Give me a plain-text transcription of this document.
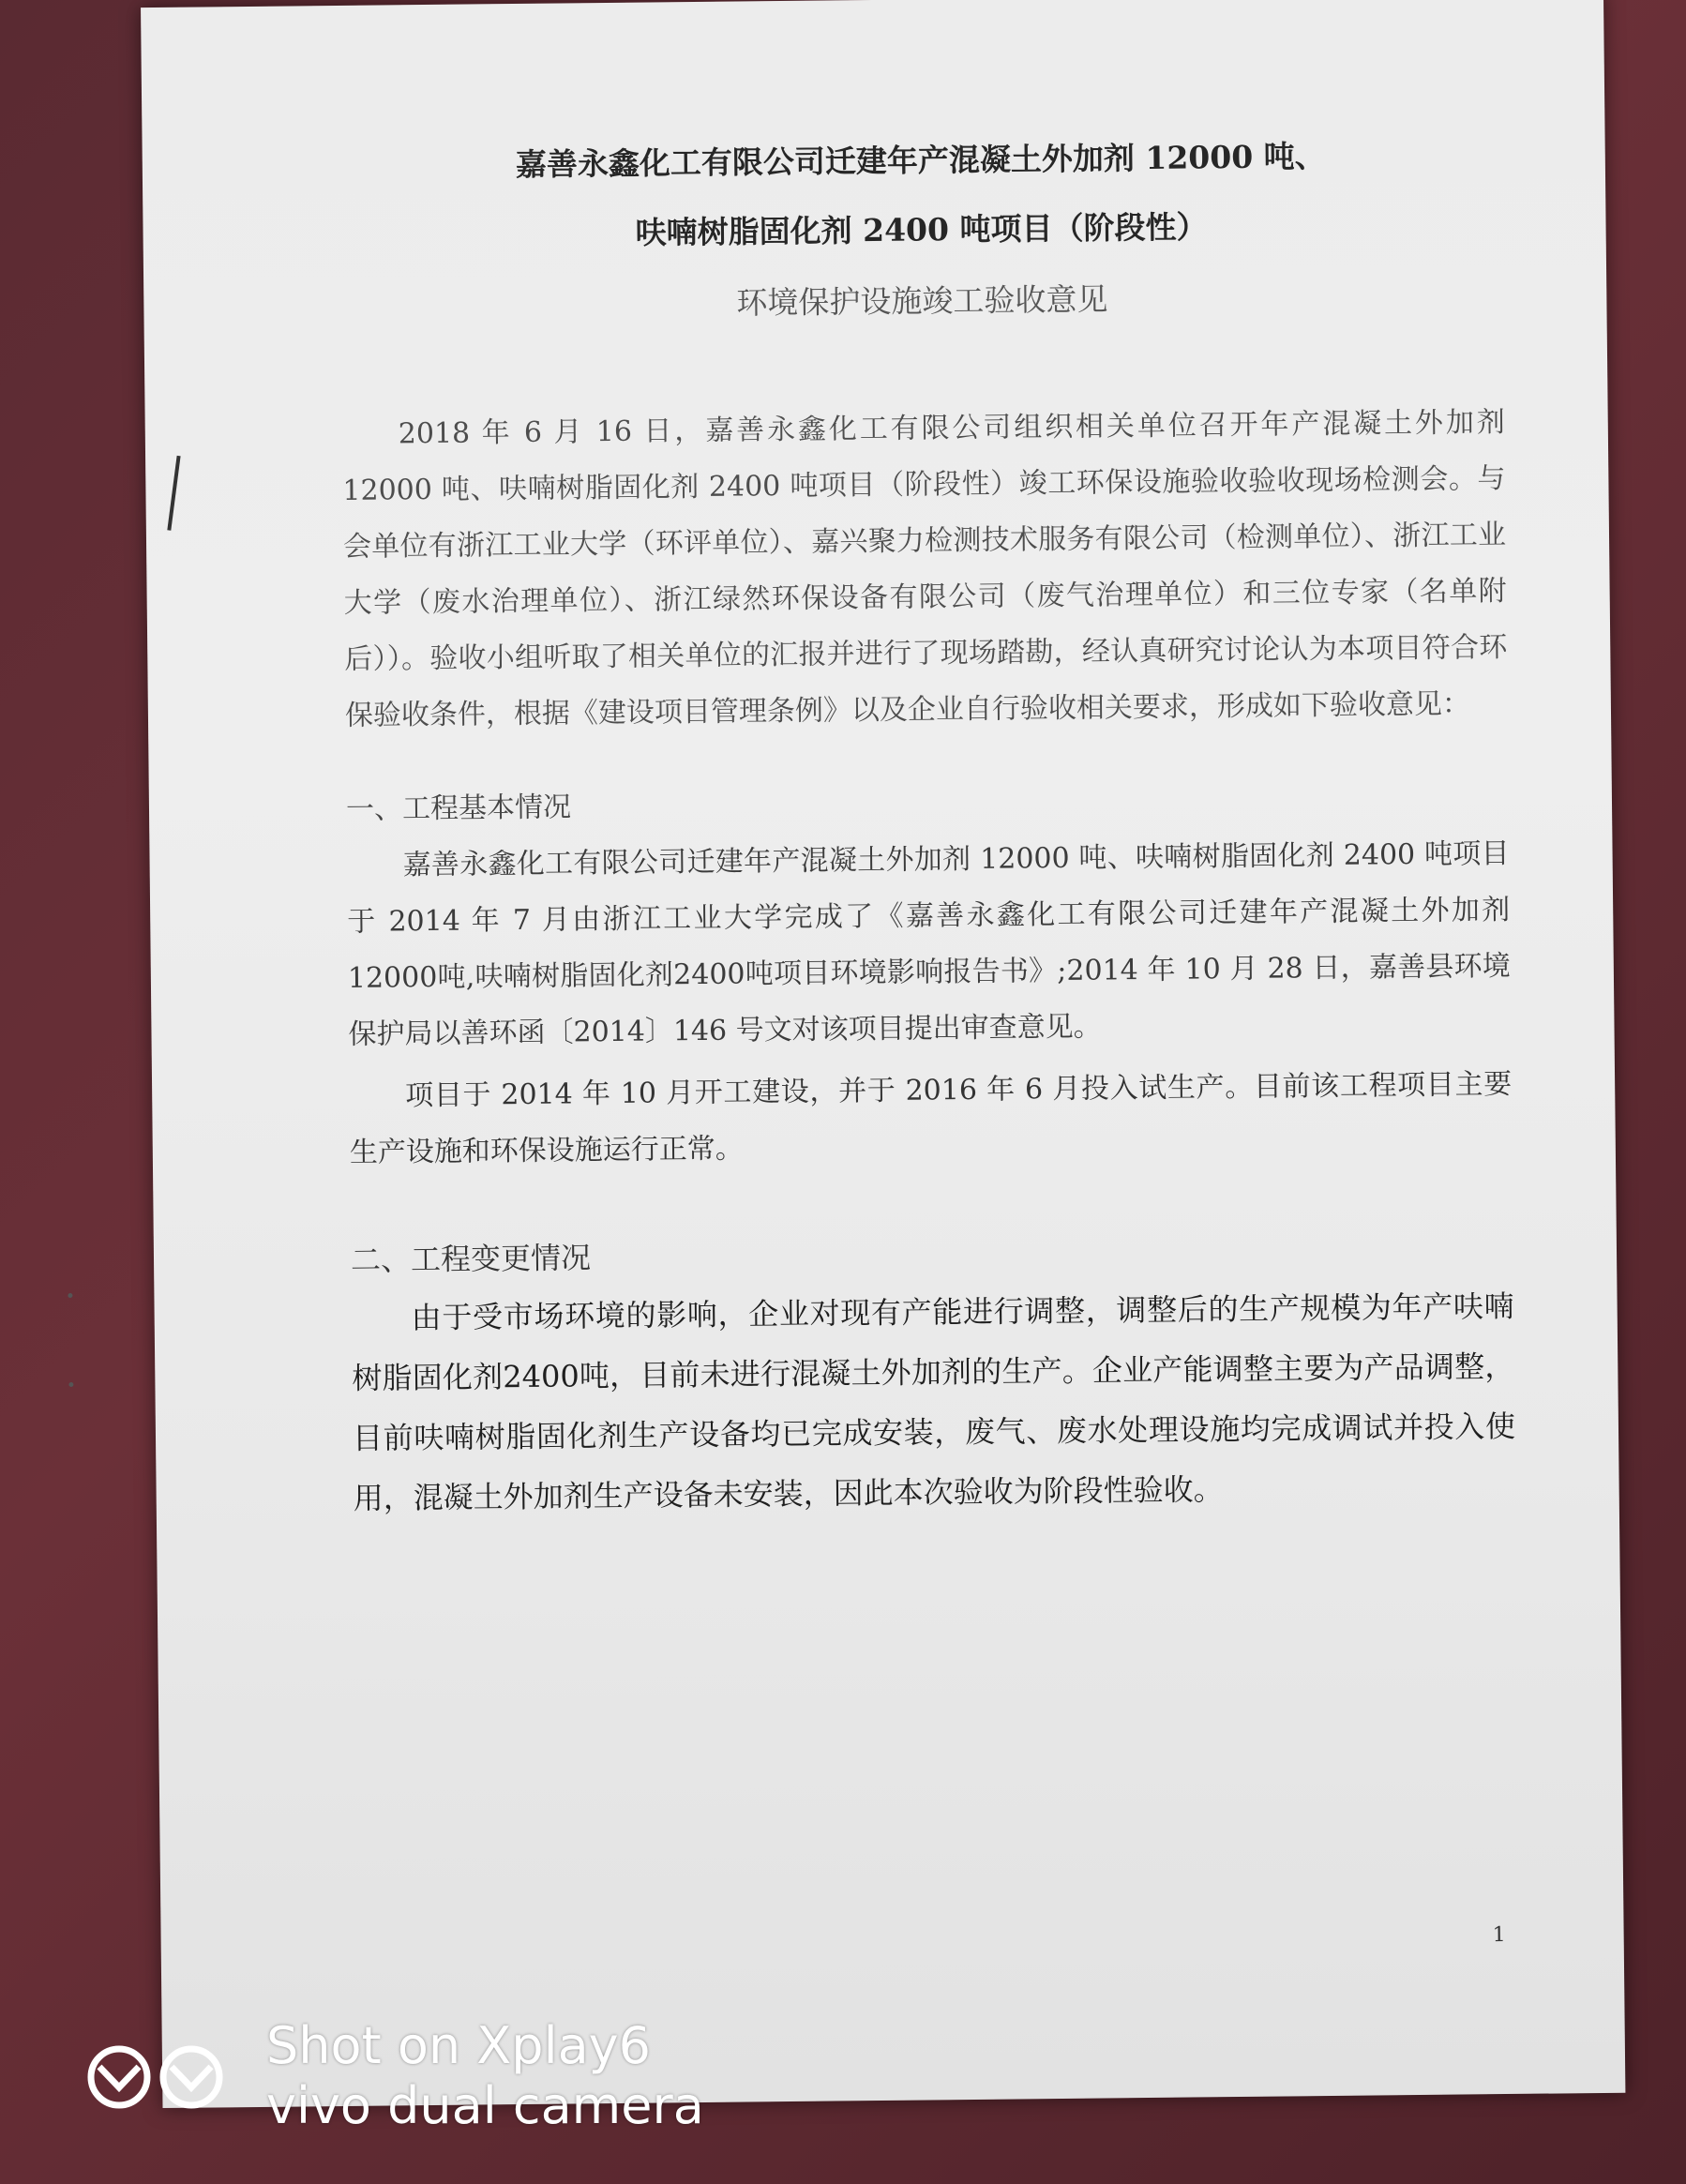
嘉善永鑫化工有限公司迁建年产混凝土外加剂 12000 吨、

呋喃树脂固化剂 2400 吨项目（阶段性）

环境保护设施竣工验收意见

2018 年 6 月 16 日，嘉善永鑫化工有限公司组织相关单位召开年产混凝土外加剂 12000 吨、呋喃树脂固化剂 2400 吨项目（阶段性）竣工环保设施验收验收现场检测会。与会单位有浙江工业大学（环评单位）、嘉兴聚力检测技术服务有限公司（检测单位）、浙江工业大学（废水治理单位）、浙江绿然环保设备有限公司（废气治理单位）和三位专家（名单附后））。验收小组听取了相关单位的汇报并进行了现场踏勘，经认真研究讨论认为本项目符合环保验收条件，根据《建设项目管理条例》以及企业自行验收相关要求，形成如下验收意见：

一、工程基本情况

嘉善永鑫化工有限公司迁建年产混凝土外加剂 12000 吨、呋喃树脂固化剂 2400 吨项目于 2014 年 7 月由浙江工业大学完成了《嘉善永鑫化工有限公司迁建年产混凝土外加剂12000吨,呋喃树脂固化剂2400吨项目环境影响报告书》;2014 年 10 月 28 日，嘉善县环境保护局以善环函〔2014〕146 号文对该项目提出审查意见。

项目于 2014 年 10 月开工建设，并于 2016 年 6 月投入试生产。目前该工程项目主要生产设施和环保设施运行正常。

二、工程变更情况

由于受市场环境的影响，企业对现有产能进行调整，调整后的生产规模为年产呋喃树脂固化剂2400吨，目前未进行混凝土外加剂的生产。企业产能调整主要为产品调整，目前呋喃树脂固化剂生产设备均已完成安装，废气、废水处理设施均完成调试并投入使用，混凝土外加剂生产设备未安装，因此本次验收为阶段性验收。

1
Shot on Xplay6
vivo dual camera
